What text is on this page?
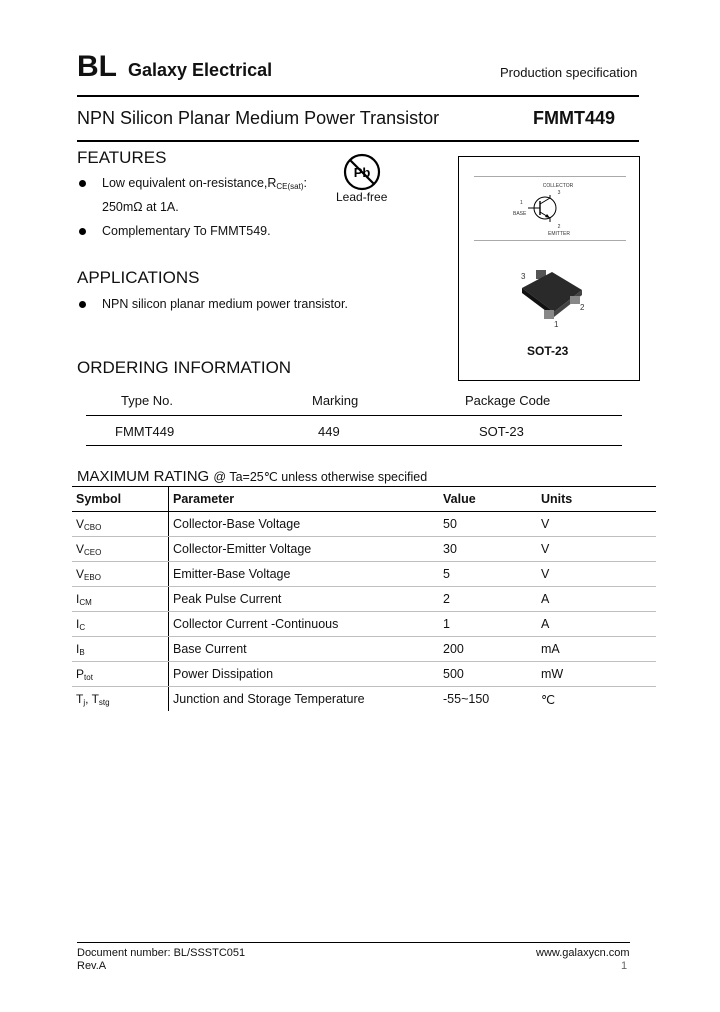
BL Galaxy Electrical	Production specification
NPN Silicon Planar Medium Power Transistor	FMMT449
FEATURES
Low equivalent $on-resistance,R_{CE(sat)}$:
250mΩ at 1A.
Complementary To FMMT549.
Pb
Lead-free
COLLECTOR
3
1
BASE
2
EMITTER
3
1
2
SOT-23
APPLICATIONS
NPN silicon planar medium power transistor.
ORDERING INFORMATION
Type No.	Marking	Package Code
FMMT449	449	SOT-23
MAXIMUM RATING @ Ta=25℃ unless otherwise specified
Symbol	Parameter	Value	Units
$V_{CBO}$	Collector-Base Voltage	50	V
$V_{CEO}$	Collector-Emitter Voltage	30	V
$V_{EBO}$	Emitter-Base Voltage	5	V
$I_{CM}$	Peak Pulse Current	2	A
$I_C$	Collector Current -Continuous	1	A
$I_B$	Base Current	200	mA
$P_{tot}$	Power Dissipation	500	mW
$T_j$, $T_{stg}$	Junction and Storage Temperature	-55~150	℃
Document number: BL/SSSTC051
Rev.A
www.galaxycn.com
1
